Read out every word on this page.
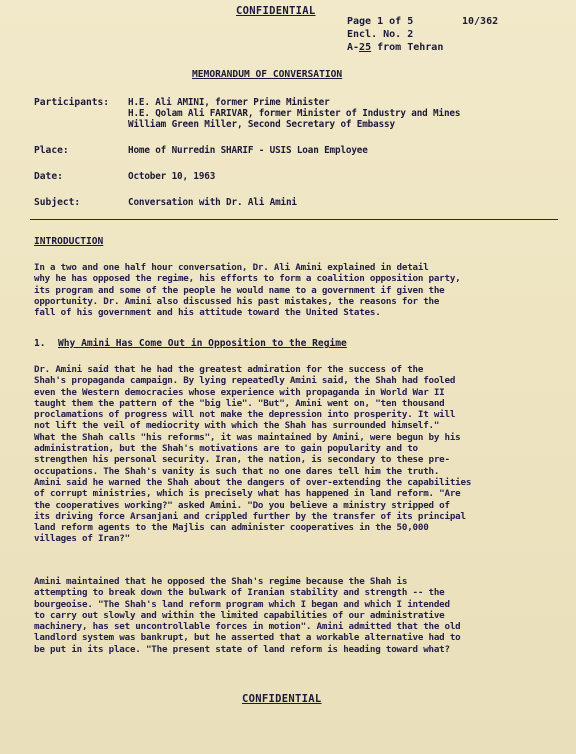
CONFIDENTIAL
Page 1 of 5	10/362
Encl. No. 2
A-25 from Tehran
MEMORANDUM OF CONVERSATION
Participants: H.E. Ali AMINI, former Prime Minister
H.E. Qolam Ali FARIVAR, former Minister of Industry and Mines
William Green Miller, Second Secretary of Embassy
Place:	Home of Nurredin SHARIF - USIS Loan Employee
Date:	October 10, 1963
Subject:	Conversation with Dr. Ali Amini
INTRODUCTION
In a two and one half hour conversation, Dr. Ali Amini explained in detail
why he has opposed the regime, his efforts to form a coalition opposition party,
its program and some of the people he would name to a government if given the
opportunity. Dr. Amini also discussed his past mistakes, the reasons for the
fall of his government and his attitude toward the United States.
1. Why Amini Has Come Out in Opposition to the Regime
Dr. Amini said that he had the greatest admiration for the success of the
Shah's propaganda campaign. By lying repeatedly Amini said, the Shah had fooled
even the Western democracies whose experience with propaganda in World War II
taught them the pattern of the "big lie". "But", Amini went on, "ten thousand
proclamations of progress will not make the depression into prosperity. It will
not lift the veil of mediocrity with which the Shah has surrounded himself."
What the Shah calls "his reforms", it was maintained by Amini, were begun by his
administration, but the Shah's motivations are to gain popularity and to
strengthen his personal security. Iran, the nation, is secondary to these pre-
occupations. The Shah's vanity is such that no one dares tell him the truth.
Amini said he warned the Shah about the dangers of over-extending the capabilities
of corrupt ministries, which is precisely what has happened in land reform. "Are
the cooperatives working?" asked Amini. "Do you believe a ministry stripped of
its driving force Arsanjani and crippled further by the transfer of its principal
land reform agents to the Majlis can administer cooperatives in the 50,000
villages of Iran?"
Amini maintained that he opposed the Shah's regime because the Shah is
attempting to break down the bulwark of Iranian stability and strength -- the
bourgeoise. "The Shah's land reform program which I began and which I intended
to carry out slowly and within the limited capabilities of our administrative
machinery, has set uncontrollable forces in motion". Amini admitted that the old
landlord system was bankrupt, but he asserted that a workable alternative had to
be put in its place. "The present state of land reform is heading toward what?
CONFIDENTIAL
